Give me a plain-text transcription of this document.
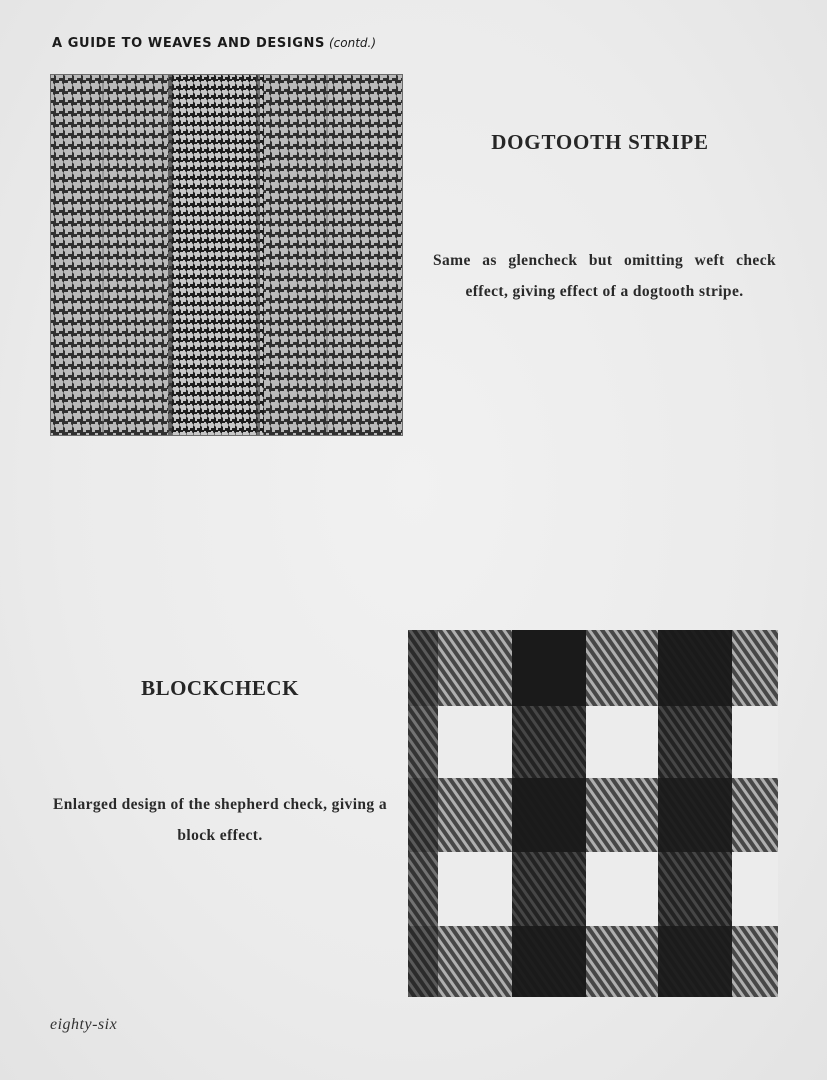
A GUIDE TO WEAVES AND DESIGNS (contd.)
DOGTOOTH STRIPE
Same as glencheck but omitting weft check effect, giving effect of a dogtooth stripe.
BLOCKCHECK
Enlarged design of the shepherd check, giving a block effect.
eighty-six
